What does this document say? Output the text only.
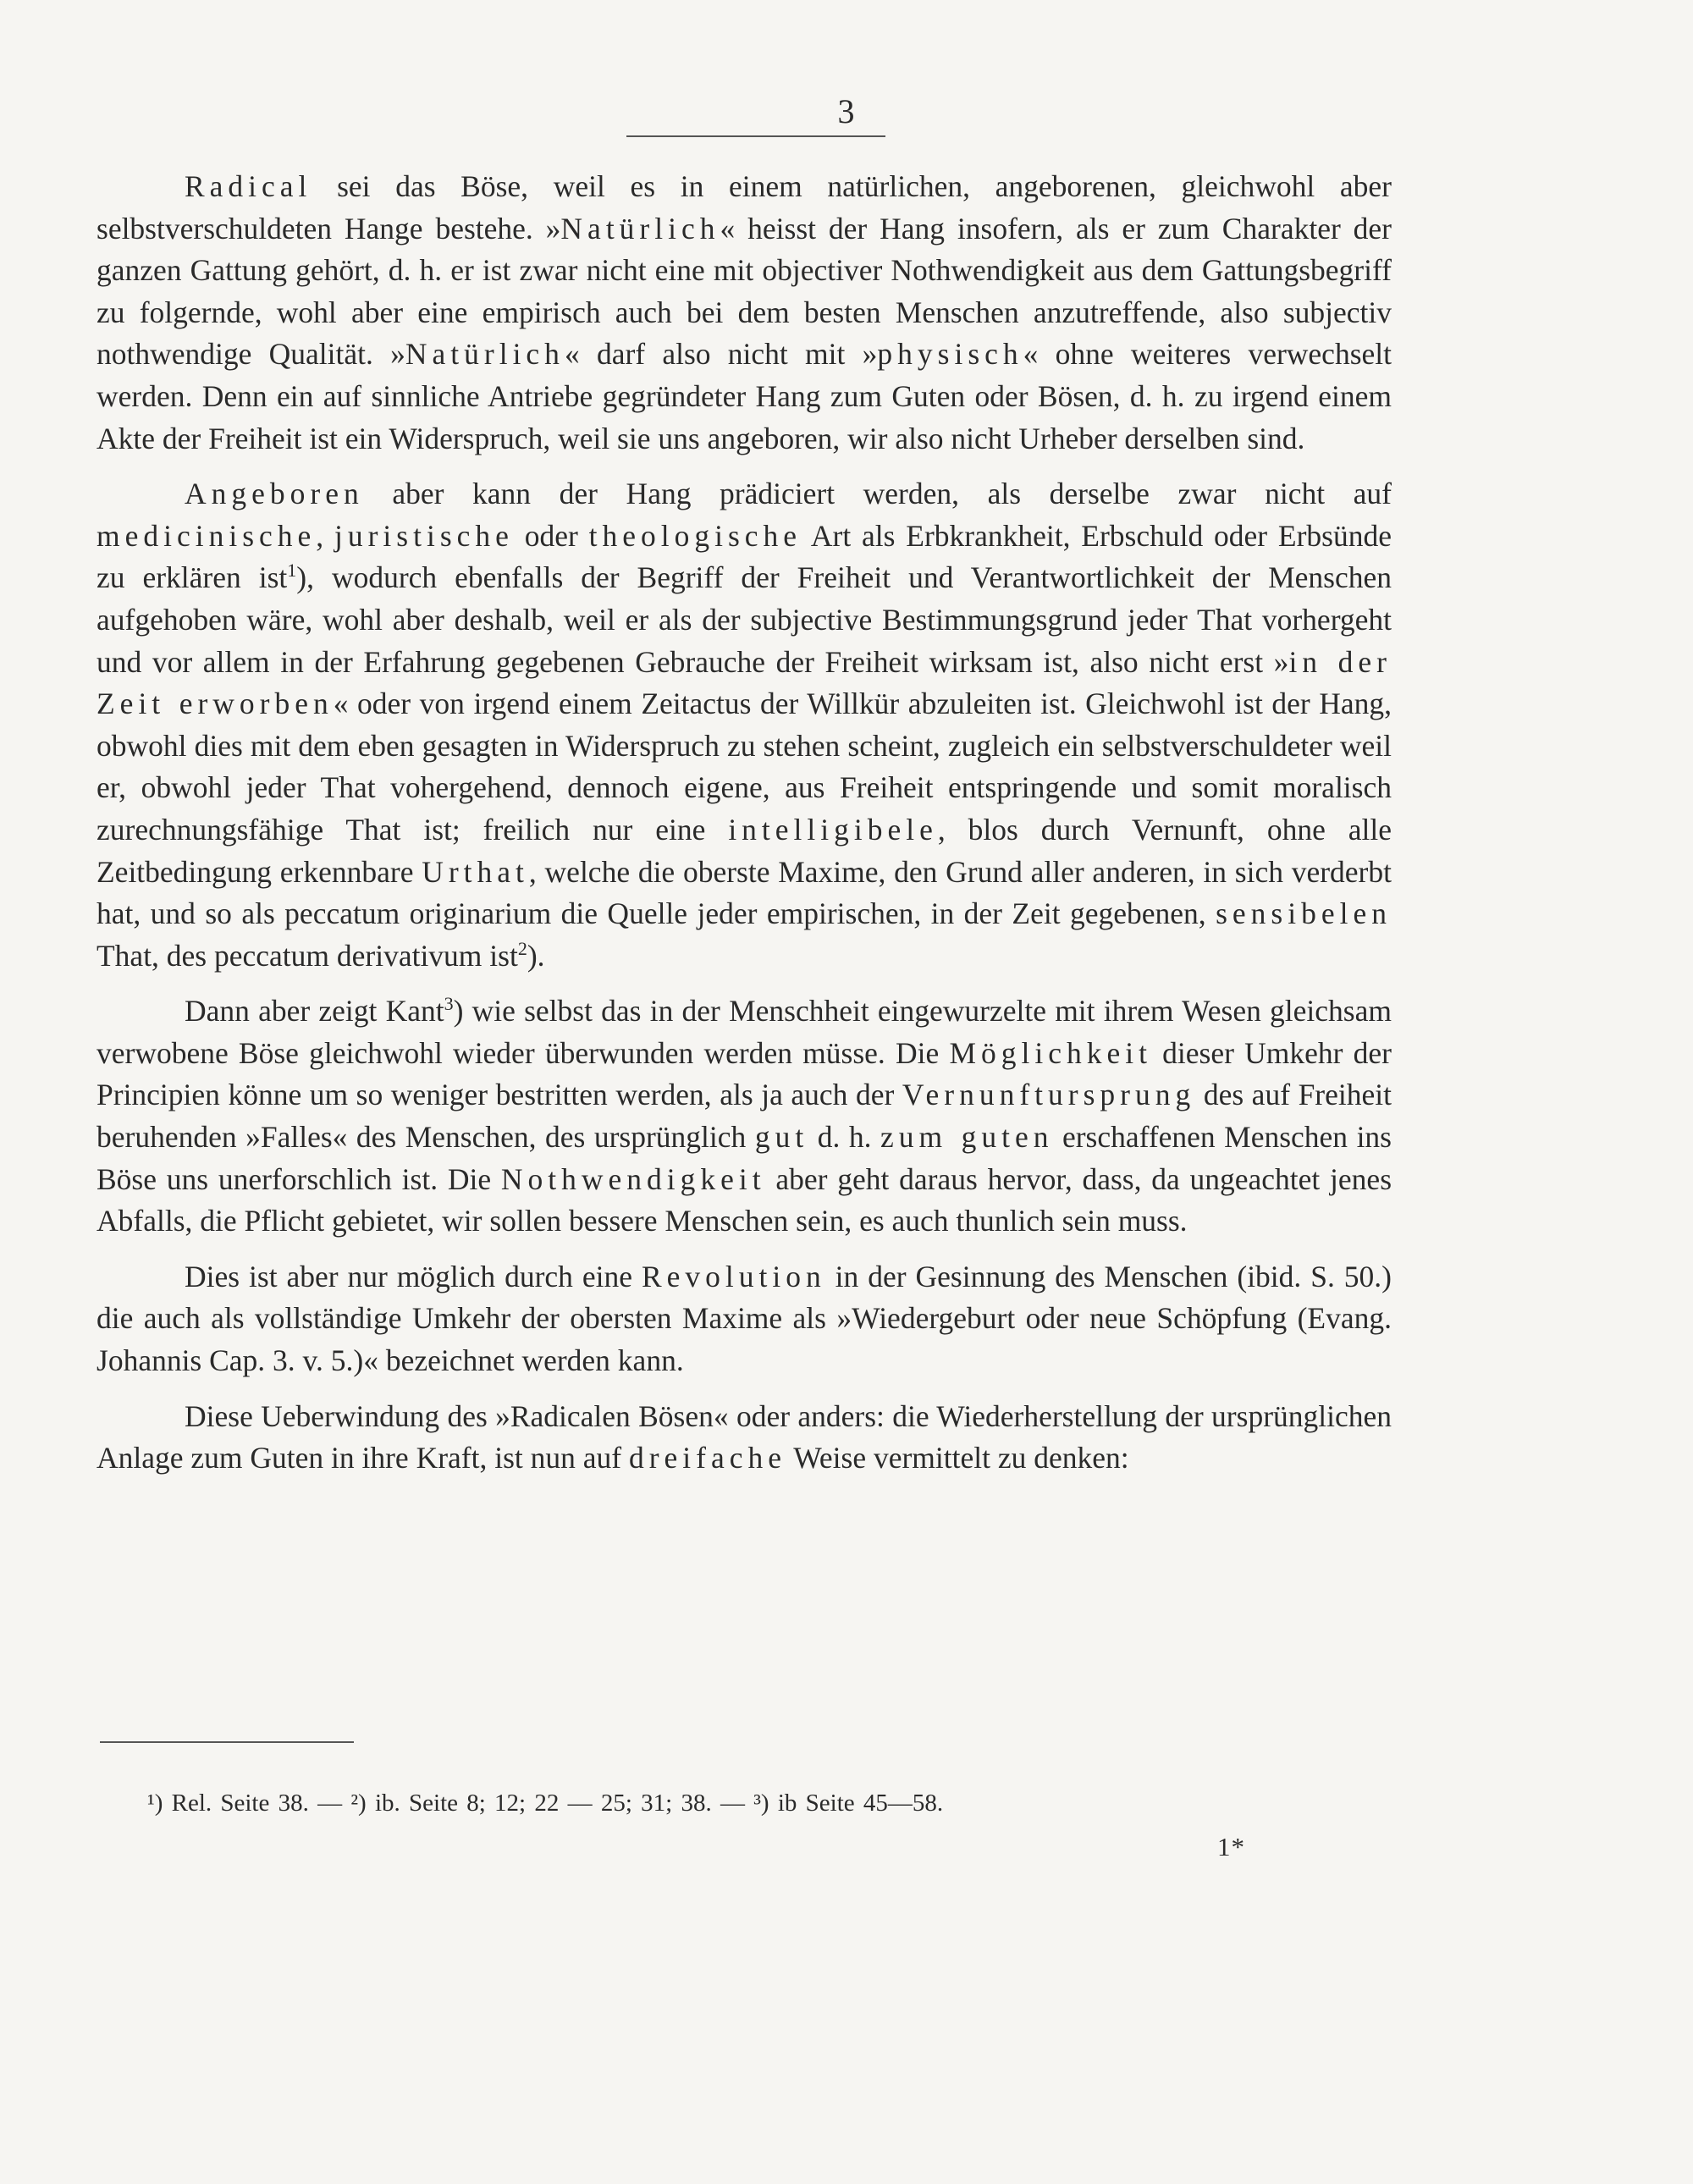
3

Radical sei das Böse, weil es in einem natürlichen, angeborenen, gleichwohl aber selbstverschuldeten Hange bestehe. »Natürlich« heisst der Hang insofern, als er zum Charakter der ganzen Gattung gehört, d. h. er ist zwar nicht eine mit objectiver Nothwendigkeit aus dem Gattungsbegriff zu folgernde, wohl aber eine empirisch auch bei dem besten Menschen anzutreffende, also subjectiv nothwendige Qualität. »Natürlich« darf also nicht mit »physisch« ohne weiteres verwechselt werden. Denn ein auf sinnliche Antriebe gegründeter Hang zum Guten oder Bösen, d. h. zu irgend einem Akte der Freiheit ist ein Widerspruch, weil sie uns angeboren, wir also nicht Urheber derselben sind.

Angeboren aber kann der Hang prädiciert werden, als derselbe zwar nicht auf medicinische, juristische oder theologische Art als Erbkrankheit, Erbschuld oder Erbsünde zu erklären ist$^1$), wodurch ebenfalls der Begriff der Freiheit und Verantwortlichkeit der Menschen aufgehoben wäre, wohl aber deshalb, weil er als der subjective Bestimmungsgrund jeder That vorhergeht und vor allem in der Erfahrung gegebenen Gebrauche der Freiheit wirksam ist, also nicht erst »in der Zeit erworben« oder von irgend einem Zeitactus der Willkür abzuleiten ist. Gleichwohl ist der Hang, obwohl dies mit dem eben gesagten in Widerspruch zu stehen scheint, zugleich ein selbstverschuldeter weil er, obwohl jeder That vohergehend, dennoch eigene, aus Freiheit entspringende und somit moralisch zurechnungsfähige That ist; freilich nur eine intelligibele, blos durch Vernunft, ohne alle Zeitbedingung erkennbare Urthat, welche die oberste Maxime, den Grund aller anderen, in sich verderbt hat, und so als peccatum originarium die Quelle jeder empirischen, in der Zeit gegebenen, sensibelen That, des peccatum derivativum ist$^2$).

Dann aber zeigt Kant$^3$) wie selbst das in der Menschheit eingewurzelte mit ihrem Wesen gleichsam verwobene Böse gleichwohl wieder überwunden werden müsse. Die Möglichkeit dieser Umkehr der Principien könne um so weniger bestritten werden, als ja auch der Vernunftursprung des auf Freiheit beruhenden »Falles« des Menschen, des ursprünglich gut d. h. zum guten erschaffenen Menschen ins Böse uns unerforschlich ist. Die Nothwendigkeit aber geht daraus hervor, dass, da ungeachtet jenes Abfalls, die Pflicht gebietet, wir sollen bessere Menschen sein, es auch thunlich sein muss.

Dies ist aber nur möglich durch eine Revolution in der Gesinnung des Menschen (ibid. S. 50.) die auch als vollständige Umkehr der obersten Maxime als »Wiedergeburt oder neue Schöpfung (Evang. Johannis Cap. 3. v. 5.)« bezeichnet werden kann.

Diese Ueberwindung des »Radicalen Bösen« oder anders: die Wiederherstellung der ursprünglichen Anlage zum Guten in ihre Kraft, ist nun auf dreifache Weise vermittelt zu denken:

¹) Rel. Seite 38. — ²) ib. Seite 8; 12; 22 — 25; 31; 38. — ³) ib Seite 45—58.
1*
